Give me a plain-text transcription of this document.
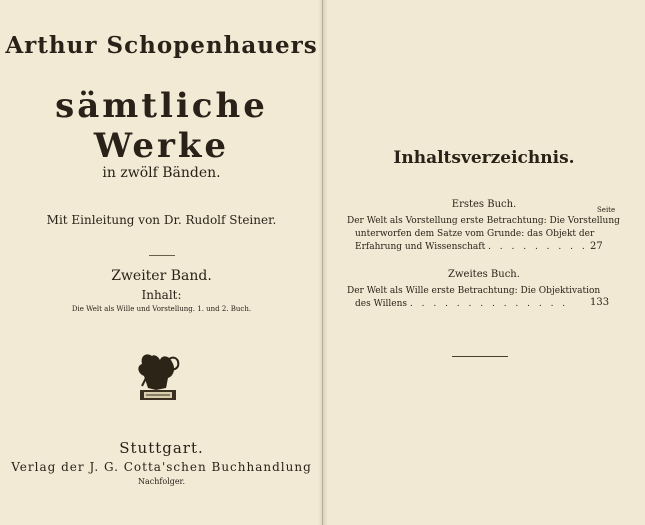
Arthur Schopenhauers
sämtliche Werke
in zwölf Bänden.
Mit Einleitung von Dr. Rudolf Steiner.
Zweiter Band.
Inhalt:
Die Welt als Wille und Vorstellung. 1. und 2. Buch.
Stuttgart.
Verlag der J. G. Cotta'schen Buchhandlung
Nachfolger.
Inhaltsverzeichnis.
Seite
Erstes Buch.
Der Welt als Vorstellung erste Betrachtung: Die Vorstellung
unterworfen dem Satze vom Grunde: das Objekt der
Erfahrung und Wissenschaft . . . . . . . . . 27
Zweites Buch.
Der Welt als Wille erste Betrachtung: Die Objektivation
des Willens . . . . . . . . . . . . . .	133
